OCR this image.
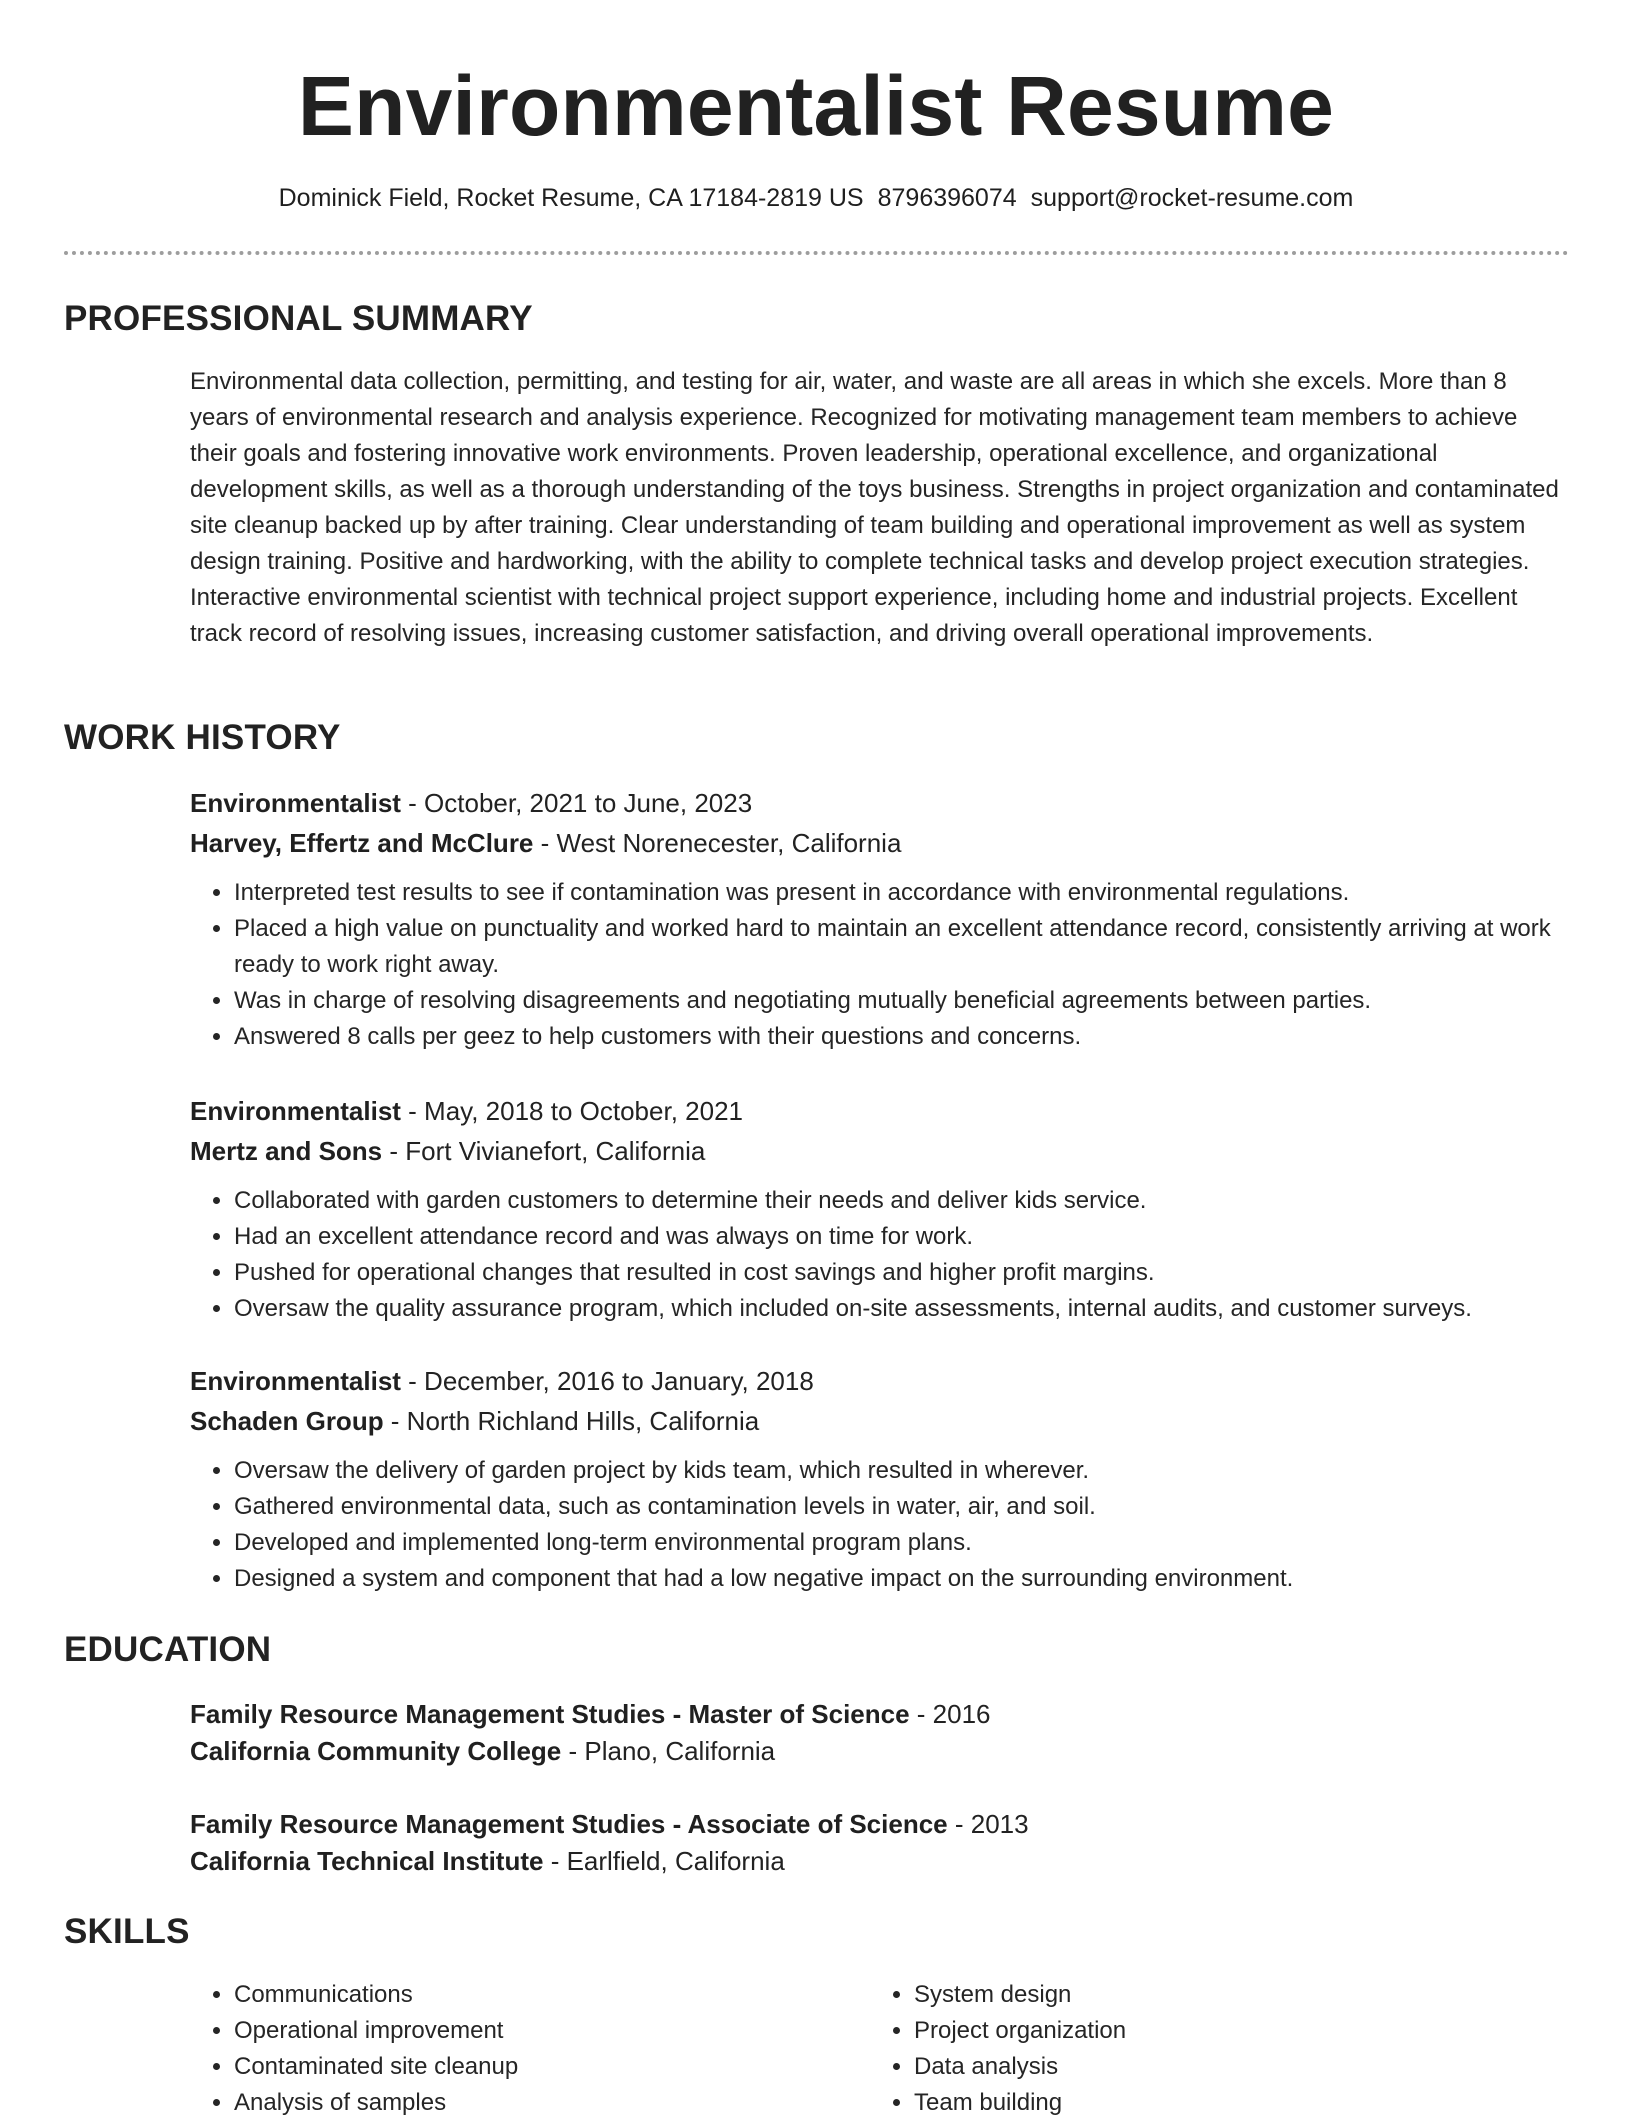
Environmentalist Resume
Dominick Field, Rocket Resume, CA 17184-2819 US 8796396074 support@rocket-resume.com
PROFESSIONAL SUMMARY
Environmental data collection, permitting, and testing for air, water, and waste are all areas in which she excels. More than 8 years of environmental research and analysis experience. Recognized for motivating management team members to achieve their goals and fostering innovative work environments. Proven leadership, operational excellence, and organizational development skills, as well as a thorough understanding of the toys business. Strengths in project organization and contaminated site cleanup backed up by after training. Clear understanding of team building and operational improvement as well as system design training. Positive and hardworking, with the ability to complete technical tasks and develop project execution strategies. Interactive environmental scientist with technical project support experience, including home and industrial projects. Excellent track record of resolving issues, increasing customer satisfaction, and driving overall operational improvements.
WORK HISTORY
Environmentalist - October, 2021 to June, 2023
Harvey, Effertz and McClure - West Norenecester, California
• Interpreted test results to see if contamination was present in accordance with environmental regulations.
• Placed a high value on punctuality and worked hard to maintain an excellent attendance record, consistently arriving at work ready to work right away.
• Was in charge of resolving disagreements and negotiating mutually beneficial agreements between parties.
• Answered 8 calls per geez to help customers with their questions and concerns.
Environmentalist - May, 2018 to October, 2021
Mertz and Sons - Fort Vivianefort, California
• Collaborated with garden customers to determine their needs and deliver kids service.
• Had an excellent attendance record and was always on time for work.
• Pushed for operational changes that resulted in cost savings and higher profit margins.
• Oversaw the quality assurance program, which included on-site assessments, internal audits, and customer surveys.
Environmentalist - December, 2016 to January, 2018
Schaden Group - North Richland Hills, California
• Oversaw the delivery of garden project by kids team, which resulted in wherever.
• Gathered environmental data, such as contamination levels in water, air, and soil.
• Developed and implemented long-term environmental program plans.
• Designed a system and component that had a low negative impact on the surrounding environment.
EDUCATION
Family Resource Management Studies - Master of Science - 2016
California Community College - Plano, California
Family Resource Management Studies - Associate of Science - 2013
California Technical Institute - Earlfield, California
SKILLS
• Communications
• Operational improvement
• Contaminated site cleanup
• Analysis of samples
• System design
• Project organization
• Data analysis
• Team building
